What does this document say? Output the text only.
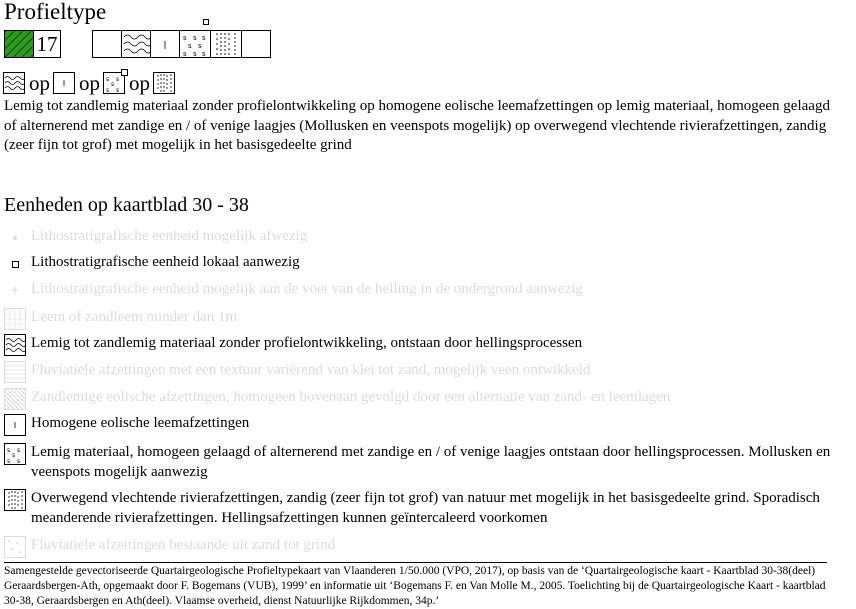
Profieltype
17	s s s
s s
s s s
op op s s
s
s s op
Lemig tot zandlemig materiaal zonder profielontwikkeling op homogene eolische leemafzettingen op lemig materiaal, homogeen gelaagd of alternerend met zandige en / of venige laagjes (Mollusken en veenspots mogelijk) op overwegend vlechtende rivierafzettingen, zandig (zeer fijn tot grof) met mogelijk in het basisgedeelte grind
Eenheden op kaartblad 30 - 38
Lithostratigrafische eenheid mogelijk afwezig
Lithostratigrafische eenheid lokaal aanwezig
+ Lithostratigrafische eenheid mogelijk aan de voet van de helling in de ondergrond aanwezig
Leem of zandleem minder dan 1m
Lemig tot zandlemig materiaal zonder profielontwikkeling, ontstaan door hellingsprocessen
Fluviatiele afzettingen met een textuur variërend van klei tot zand, mogelijk veen ontwikkeld
Zandlemige eolische afzettingen, homogeen bovenaan gevolgd door een alternatie van zand- en leemlagen
Homogene eolische leemafzettingen
s s
s
s s
Lemig materiaal, homogeen gelaagd of alternerend met zandige en / of venige laagjes ontstaan door hellingsprocessen. Mollusken en veenspots mogelijk aanwezig
Overwegend vlechtende rivierafzettingen, zandig (zeer fijn tot grof) van natuur met mogelijk in het basisgedeelte grind. Sporadisch meanderende rivierafzettingen. Hellingsafzettingen kunnen geïntercaleerd voorkomen
Fluviatiele afzettingen bestaande uit zand tot grind
Samengestelde gevectoriseerde Quartairgeologische Profieltypekaart van Vlaanderen 1/50.000 (VPO, 2017), op basis van de ‘Quartairgeologische kaart - Kaartblad 30-38(deel) Geraardsbergen-Ath, opgemaakt door F. Bogemans (VUB), 1999’ en informatie uit ‘Bogemans F. en Van Molle M., 2005. Toelichting bij de Quartairgeologische Kaart - kaartblad 30-38, Geraardsbergen en Ath(deel). Vlaamse overheid, dienst Natuurlijke Rijkdommen, 34p.’
